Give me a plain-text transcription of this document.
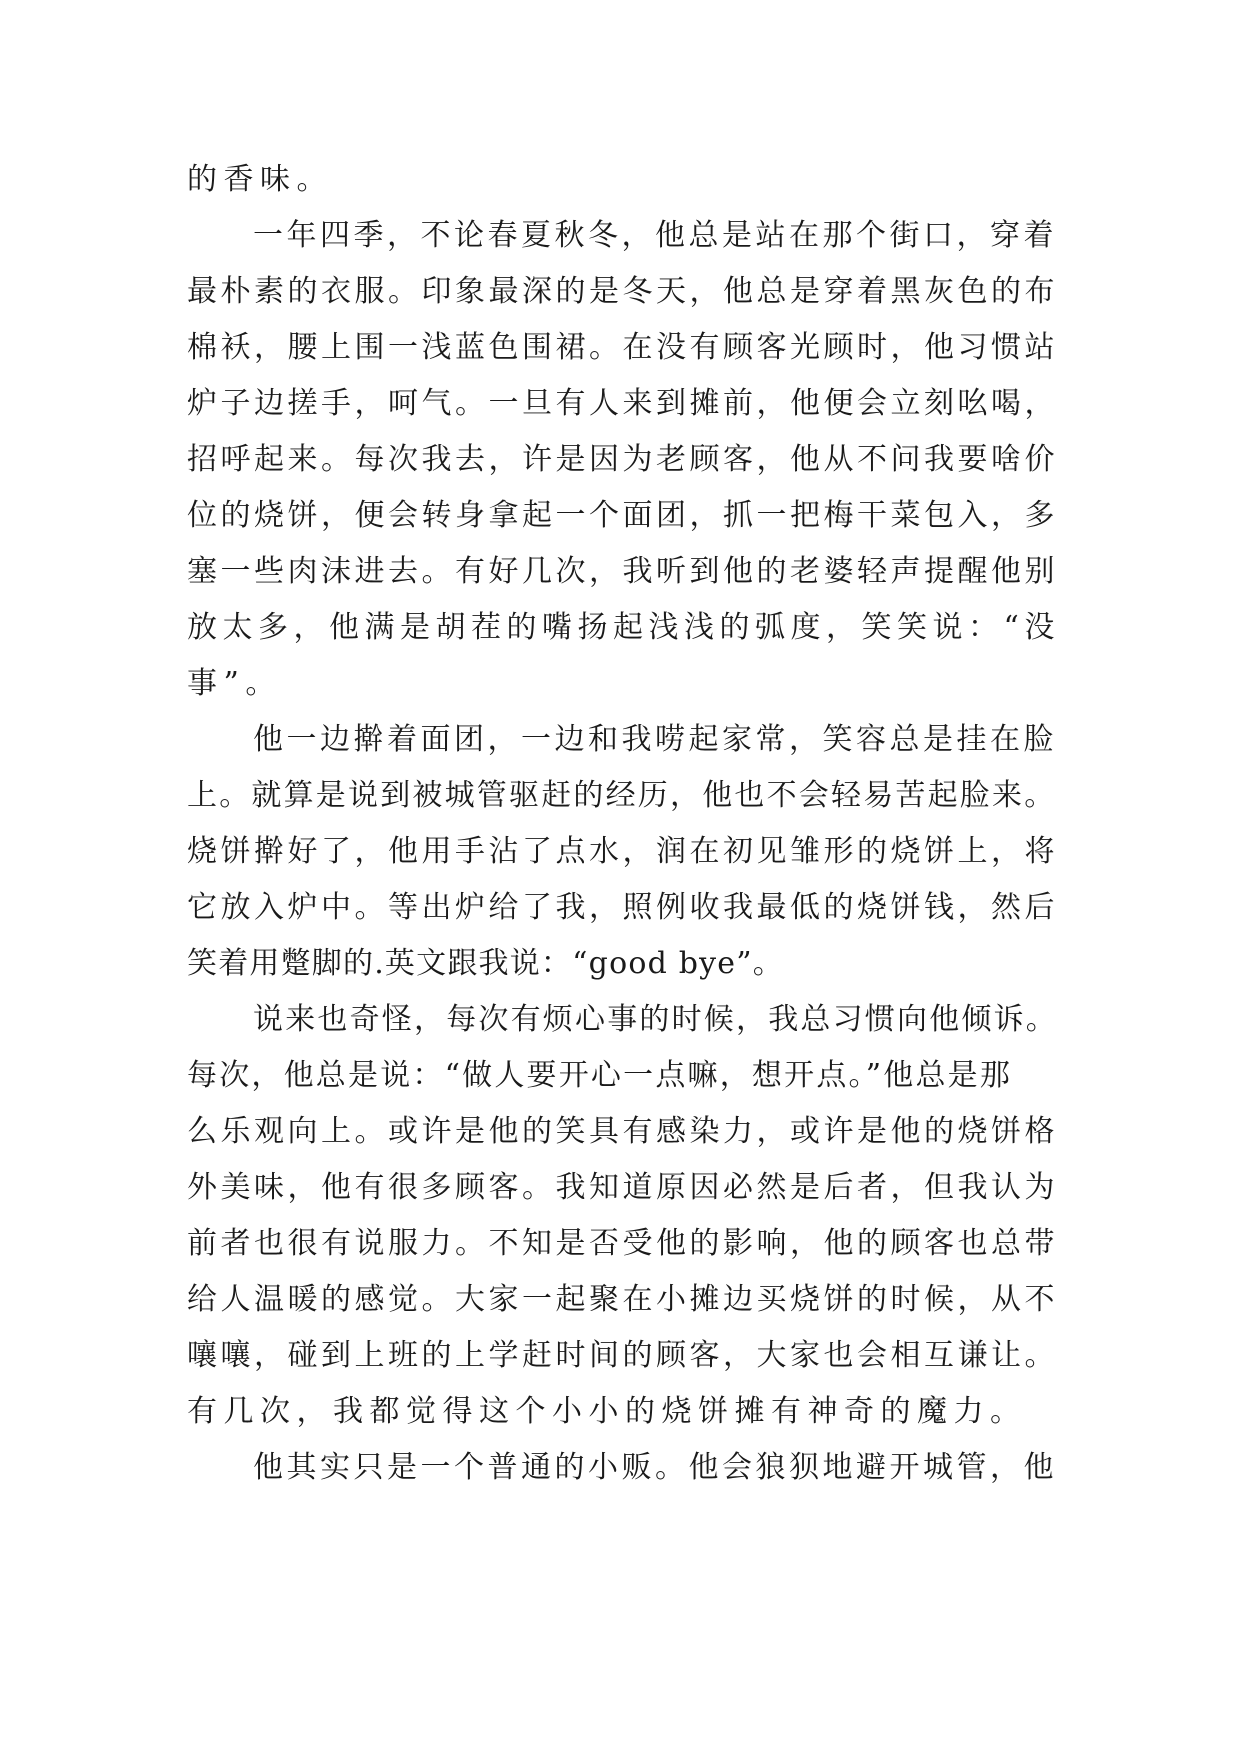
的香味。

一年四季，不论春夏秋冬，他总是站在那个街口，穿着
最朴素的衣服。印象最深的是冬天，他总是穿着黑灰色的布
棉袄，腰上围一浅蓝色围裙。在没有顾客光顾时，他习惯站
炉子边搓手，呵气。一旦有人来到摊前，他便会立刻吆喝，
招呼起来。每次我去，许是因为老顾客，他从不问我要啥价
位的烧饼，便会转身拿起一个面团，抓一把梅干菜包入，多
塞一些肉沫进去。有好几次，我听到他的老婆轻声提醒他别
放太多，他满是胡茬的嘴扬起浅浅的弧度，笑笑说：“没
事”。

他一边擀着面团，一边和我唠起家常，笑容总是挂在脸
上。就算是说到被城管驱赶的经历，他也不会轻易苦起脸来。
烧饼擀好了，他用手沾了点水，润在初见雏形的烧饼上，将
它放入炉中。等出炉给了我，照例收我最低的烧饼钱，然后
笑着用蹩脚的.英文跟我说：“good bye”。

说来也奇怪，每次有烦心事的时候，我总习惯向他倾诉。
每次，他总是说：“做人要开心一点嘛，想开点。”他总是那
么乐观向上。或许是他的笑具有感染力，或许是他的烧饼格
外美味，他有很多顾客。我知道原因必然是后者，但我认为
前者也很有说服力。不知是否受他的影响，他的顾客也总带
给人温暖的感觉。大家一起聚在小摊边买烧饼的时候，从不
嚷嚷，碰到上班的上学赶时间的顾客，大家也会相互谦让。
有几次，我都觉得这个小小的烧饼摊有神奇的魔力。

他其实只是一个普通的小贩。他会狼狈地避开城管，他
